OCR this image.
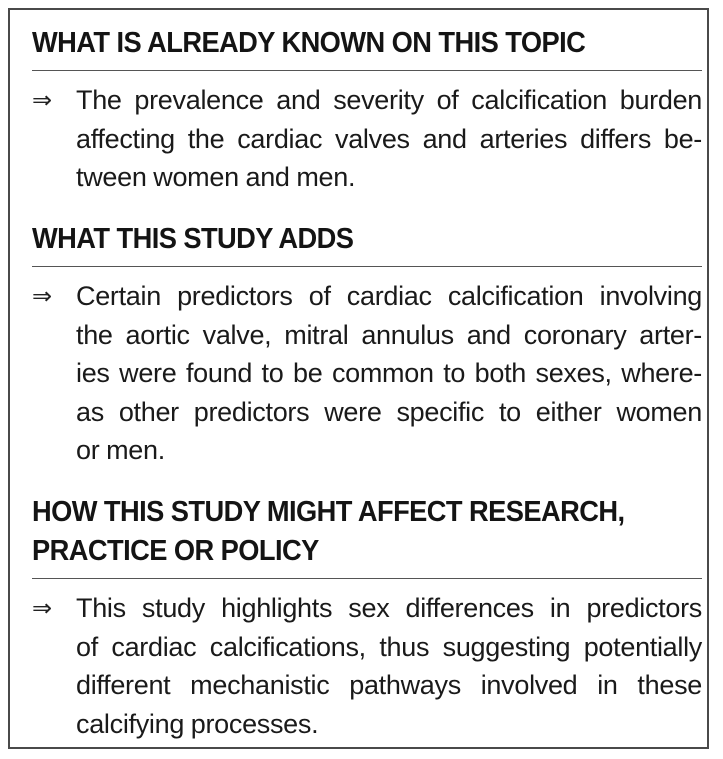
WHAT IS ALREADY KNOWN ON THIS TOPIC
⇒ The prevalence and severity of calcification burden
affecting the cardiac valves and arteries differs be-
tween women and men.
WHAT THIS STUDY ADDS
⇒ Certain predictors of cardiac calcification involving
the aortic valve, mitral annulus and coronary arter-
ies were found to be common to both sexes, where-
as other predictors were specific to either women
or men.
HOW THIS STUDY MIGHT AFFECT RESEARCH,
PRACTICE OR POLICY
⇒ This study highlights sex differences in predictors
of cardiac calcifications, thus suggesting potentially
different mechanistic pathways involved in these
calcifying processes.
